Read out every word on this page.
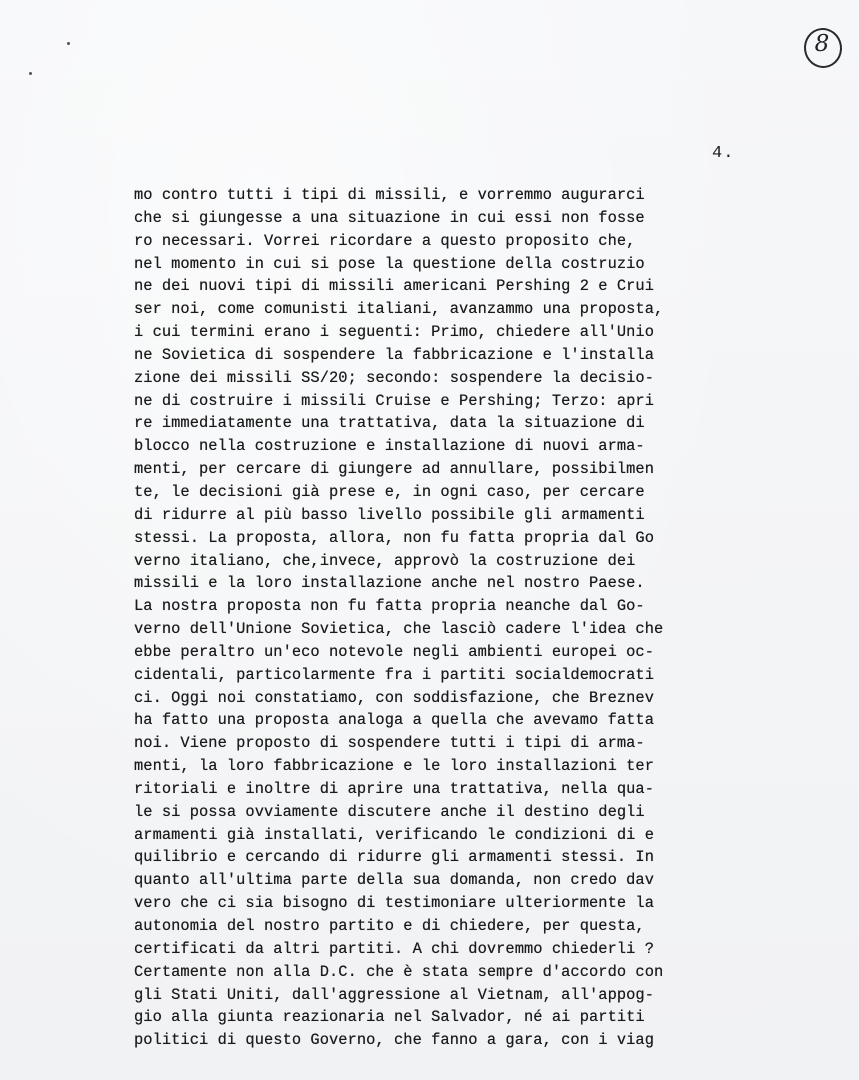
8
4.
mo contro tutti i tipi di missili, e vorremmo augurarci
che si giungesse a una situazione in cui essi non fosse
ro necessari. Vorrei ricordare a questo proposito che,
nel momento in cui si pose la questione della costruzio
ne dei nuovi tipi di missili americani Pershing 2 e Crui
ser noi, come comunisti italiani, avanzammo una proposta,
i cui termini erano i seguenti: Primo, chiedere all'Unio
ne Sovietica di sospendere la fabbricazione e l'installa
zione dei missili SS/20; secondo: sospendere la decisio-
ne di costruire i missili Cruise e Pershing; Terzo: apri
re immediatamente una trattativa, data la situazione di
blocco nella costruzione e installazione di nuovi arma-
menti, per cercare di giungere ad annullare, possibilmen
te, le decisioni già prese e, in ogni caso, per cercare
di ridurre al più basso livello possibile gli armamenti
stessi. La proposta, allora, non fu fatta propria dal Go
verno italiano, che,invece, approvò la costruzione dei
missili e la loro installazione anche nel nostro Paese.
La nostra proposta non fu fatta propria neanche dal Go-
verno dell'Unione Sovietica, che lasciò cadere l'idea che
ebbe peraltro un'eco notevole negli ambienti europei oc-
cidentali, particolarmente fra i partiti socialdemocrati
ci. Oggi noi constatiamo, con soddisfazione, che Breznev
ha fatto una proposta analoga a quella che avevamo fatta
noi. Viene proposto di sospendere tutti i tipi di arma-
menti, la loro fabbricazione e le loro installazioni ter
ritoriali e inoltre di aprire una trattativa, nella qua-
le si possa ovviamente discutere anche il destino degli
armamenti già installati, verificando le condizioni di e
quilibrio e cercando di ridurre gli armamenti stessi. In
quanto all'ultima parte della sua domanda, non credo dav
vero che ci sia bisogno di testimoniare ulteriormente la
autonomia del nostro partito e di chiedere, per questa,
certificati da altri partiti. A chi dovremmo chiederli ?
Certamente non alla D.C. che è stata sempre d'accordo con
gli Stati Uniti, dall'aggressione al Vietnam, all'appog-
gio alla giunta reazionaria nel Salvador, né ai partiti
politici di questo Governo, che fanno a gara, con i viag
